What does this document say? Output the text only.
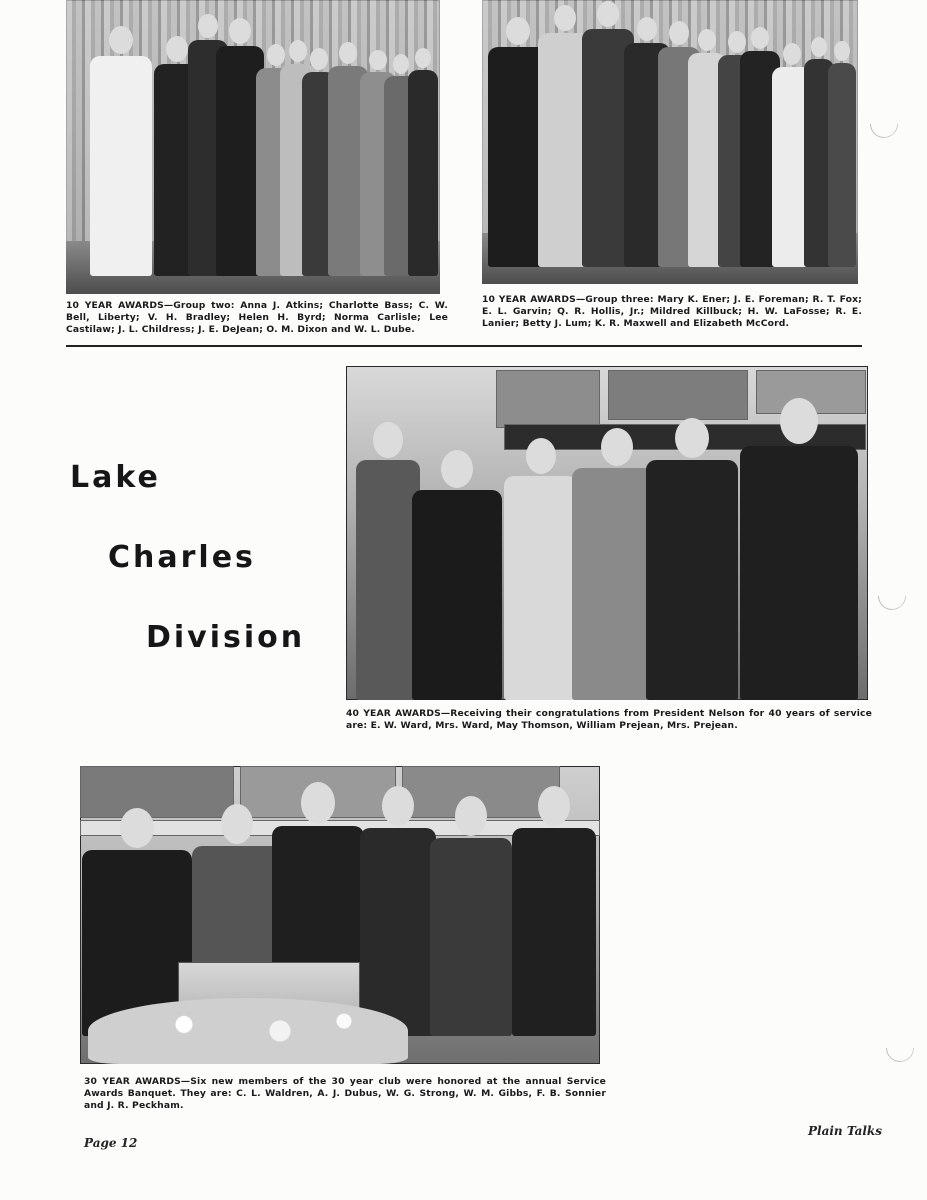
10 YEAR AWARDS—Group two: Anna J. Atkins; Charlotte Bass; C. W. Bell, Liberty; V. H. Bradley; Helen H. Byrd; Norma Carlisle; Lee Castilaw; J. L. Childress; J. E. DeJean; O. M. Dixon and W. L. Dube.

10 YEAR AWARDS—Group three: Mary K. Ener; J. E. Foreman; R. T. Fox; E. L. Garvin; Q. R. Hollis, Jr.; Mildred Killbuck; H. W. LaFosse; R. E. Lanier; Betty J. Lum; K. R. Maxwell and Elizabeth McCord.

Lake

Charles

Division

40 YEAR AWARDS—Receiving their congratulations from President Nelson for 40 years of service are: E. W. Ward, Mrs. Ward, May Thomson, William Prejean, Mrs. Prejean.

30 YEAR AWARDS—Six new members of the 30 year club were honored at the annual Service Awards Banquet. They are: C. L. Waldren, A. J. Dubus, W. G. Strong, W. M. Gibbs, F. B. Sonnier and J. R. Peckham.

Page 12

Plain Talks
